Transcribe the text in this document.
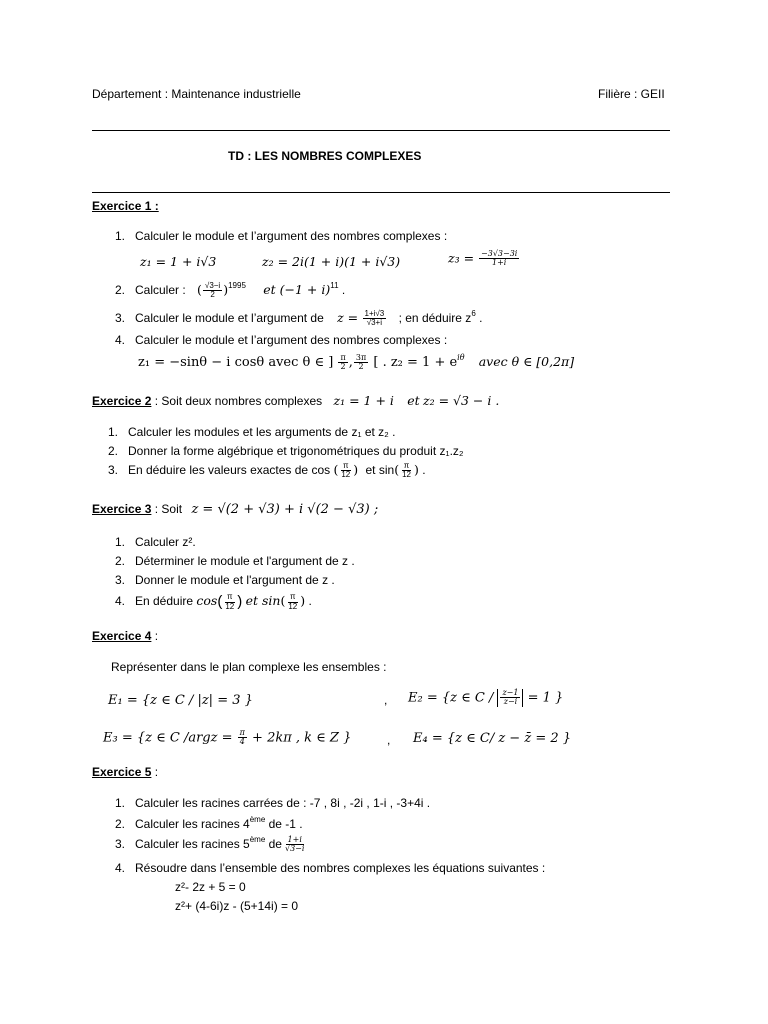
Département : Maintenance industrielle	Filière : GEII
TD : LES NOMBRES COMPLEXES
Exercice 1 :
1. Calculer le module et l’argument des nombres complexes :
z₁ = 1 + i√3	z₂ = 2i(1 + i)(1 + i√3)	$z_3 = \frac{-3√3-3i}{1+i}$
2. Calculer : ( $\frac{√3-i}{2} )^{1995}$ et $(-1 + i)^{11}$ .
3. Calculer le module et l’argument de $z = \frac{1+i√3}{√3+i}$ ; en déduire $z^6$ .
4. Calculer le module et l’argument des nombres complexes :
z₁ = −sinθ − i cosθ avec θ ∈ ] $\frac{\pi}{2}$ , $\frac{3\pi}{2}$ [ . $z_2 = 1 + e^{i\theta}$ avec θ ∈ [0,2π]
Exercice 2 : Soit deux nombres complexes z₁ = 1 + i et z₂ = √3 − i .
1. Calculer les modules et les arguments de z₁ et z₂ .
2. Donner la forme algébrique et trigonométriques du produit z₁.z₂
3. En déduire les valeurs exactes de cos ( $\frac{\pi}{12}$ ) et $\sin( \frac{\pi}{12}$ ) .
Exercice 3 : Soit z = √(2 + √3) + i √(2 − √3) ;
1. Calculer z².
2. Déterminer le module et l'argument de z .
3. Donner le module et l'argument de z .
4. En déduire $\cos( \frac{\pi}{12}$ ) et $\sin( \frac{\pi}{12}$ ) .
Exercice 4 :
Représenter dans le plan complexe les ensembles :
E₁ = {z ∈ C / |z| = 3 }	, E₂ = {z ∈ $C / \frac{z-1}{z-i} = 1$ }
E₃ = {z ∈ C /argz = $\frac{\pi}{4} + 2k\pi$ , k ∈ Z }	, E₄ = {z ∈ C/ z − z̄ = 2 }
Exercice 5 :
1. Calculer les racines carrées de : -7 , 8i , -2i , 1-i , -3+4i .
2. Calculer les racines 4ème de -1 .
3. Calculer les racines 5ème de $\frac{1+i}{√3-i}$
4. Résoudre dans l’ensemble des nombres complexes les équations suivantes :
z²- 2z + 5 = 0
z²+ (4-6i)z - (5+14i) = 0
